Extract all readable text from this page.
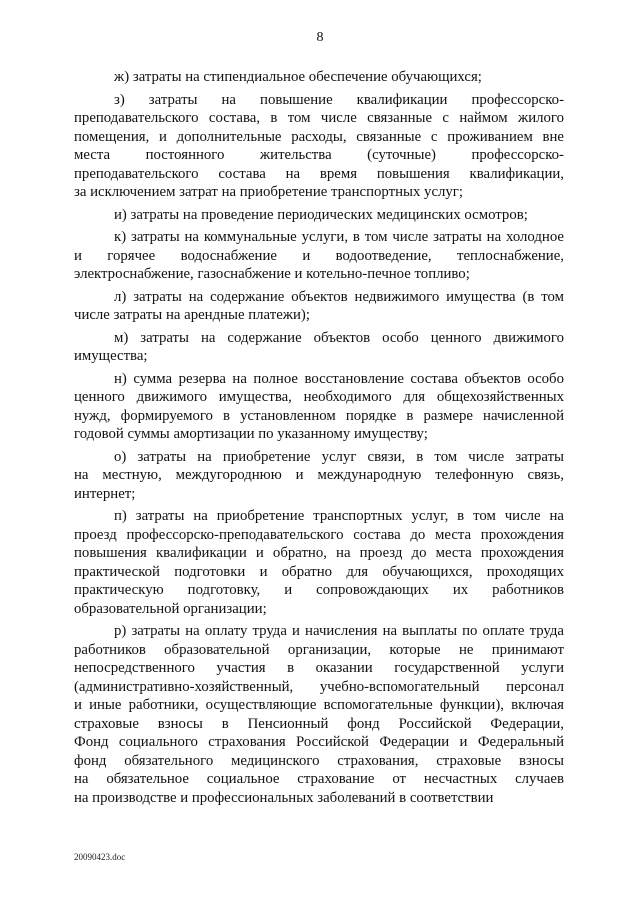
8
ж) затраты на стипендиальное обеспечение обучающихся;
з) затраты на повышение квалификации профессорско-
преподавательского состава, в том числе связанные с наймом жилого
помещения, и дополнительные расходы, связанные с проживанием вне
места постоянного жительства (суточные) профессорско-
преподавательского состава на время повышения квалификации,
за исключением затрат на приобретение транспортных услуг;
и) затраты на проведение периодических медицинских осмотров;
к) затраты на коммунальные услуги, в том числе затраты на холодное
и горячее водоснабжение и водоотведение, теплоснабжение,
электроснабжение, газоснабжение и котельно-печное топливо;
л) затраты на содержание объектов недвижимого имущества (в том
числе затраты на арендные платежи);
м) затраты на содержание объектов особо ценного движимого
имущества;
н) сумма резерва на полное восстановление состава объектов особо
ценного движимого имущества, необходимого для общехозяйственных
нужд, формируемого в установленном порядке в размере начисленной
годовой суммы амортизации по указанному имуществу;
о) затраты на приобретение услуг связи, в том числе затраты
на местную, междугороднюю и международную телефонную связь,
интернет;
п) затраты на приобретение транспортных услуг, в том числе на
проезд профессорско-преподавательского состава до места прохождения
повышения квалификации и обратно, на проезд до места прохождения
практической подготовки и обратно для обучающихся, проходящих
практическую подготовку, и сопровождающих их работников
образовательной организации;
р) затраты на оплату труда и начисления на выплаты по оплате труда
работников образовательной организации, которые не принимают
непосредственного участия в оказании государственной услуги
(административно-хозяйственный, учебно-вспомогательный персонал
и иные работники, осуществляющие вспомогательные функции), включая
страховые взносы в Пенсионный фонд Российской Федерации,
Фонд социального страхования Российской Федерации и Федеральный
фонд обязательного медицинского страхования, страховые взносы
на обязательное социальное страхование от несчастных случаев
на производстве и профессиональных заболеваний в соответствии
20090423.doc
